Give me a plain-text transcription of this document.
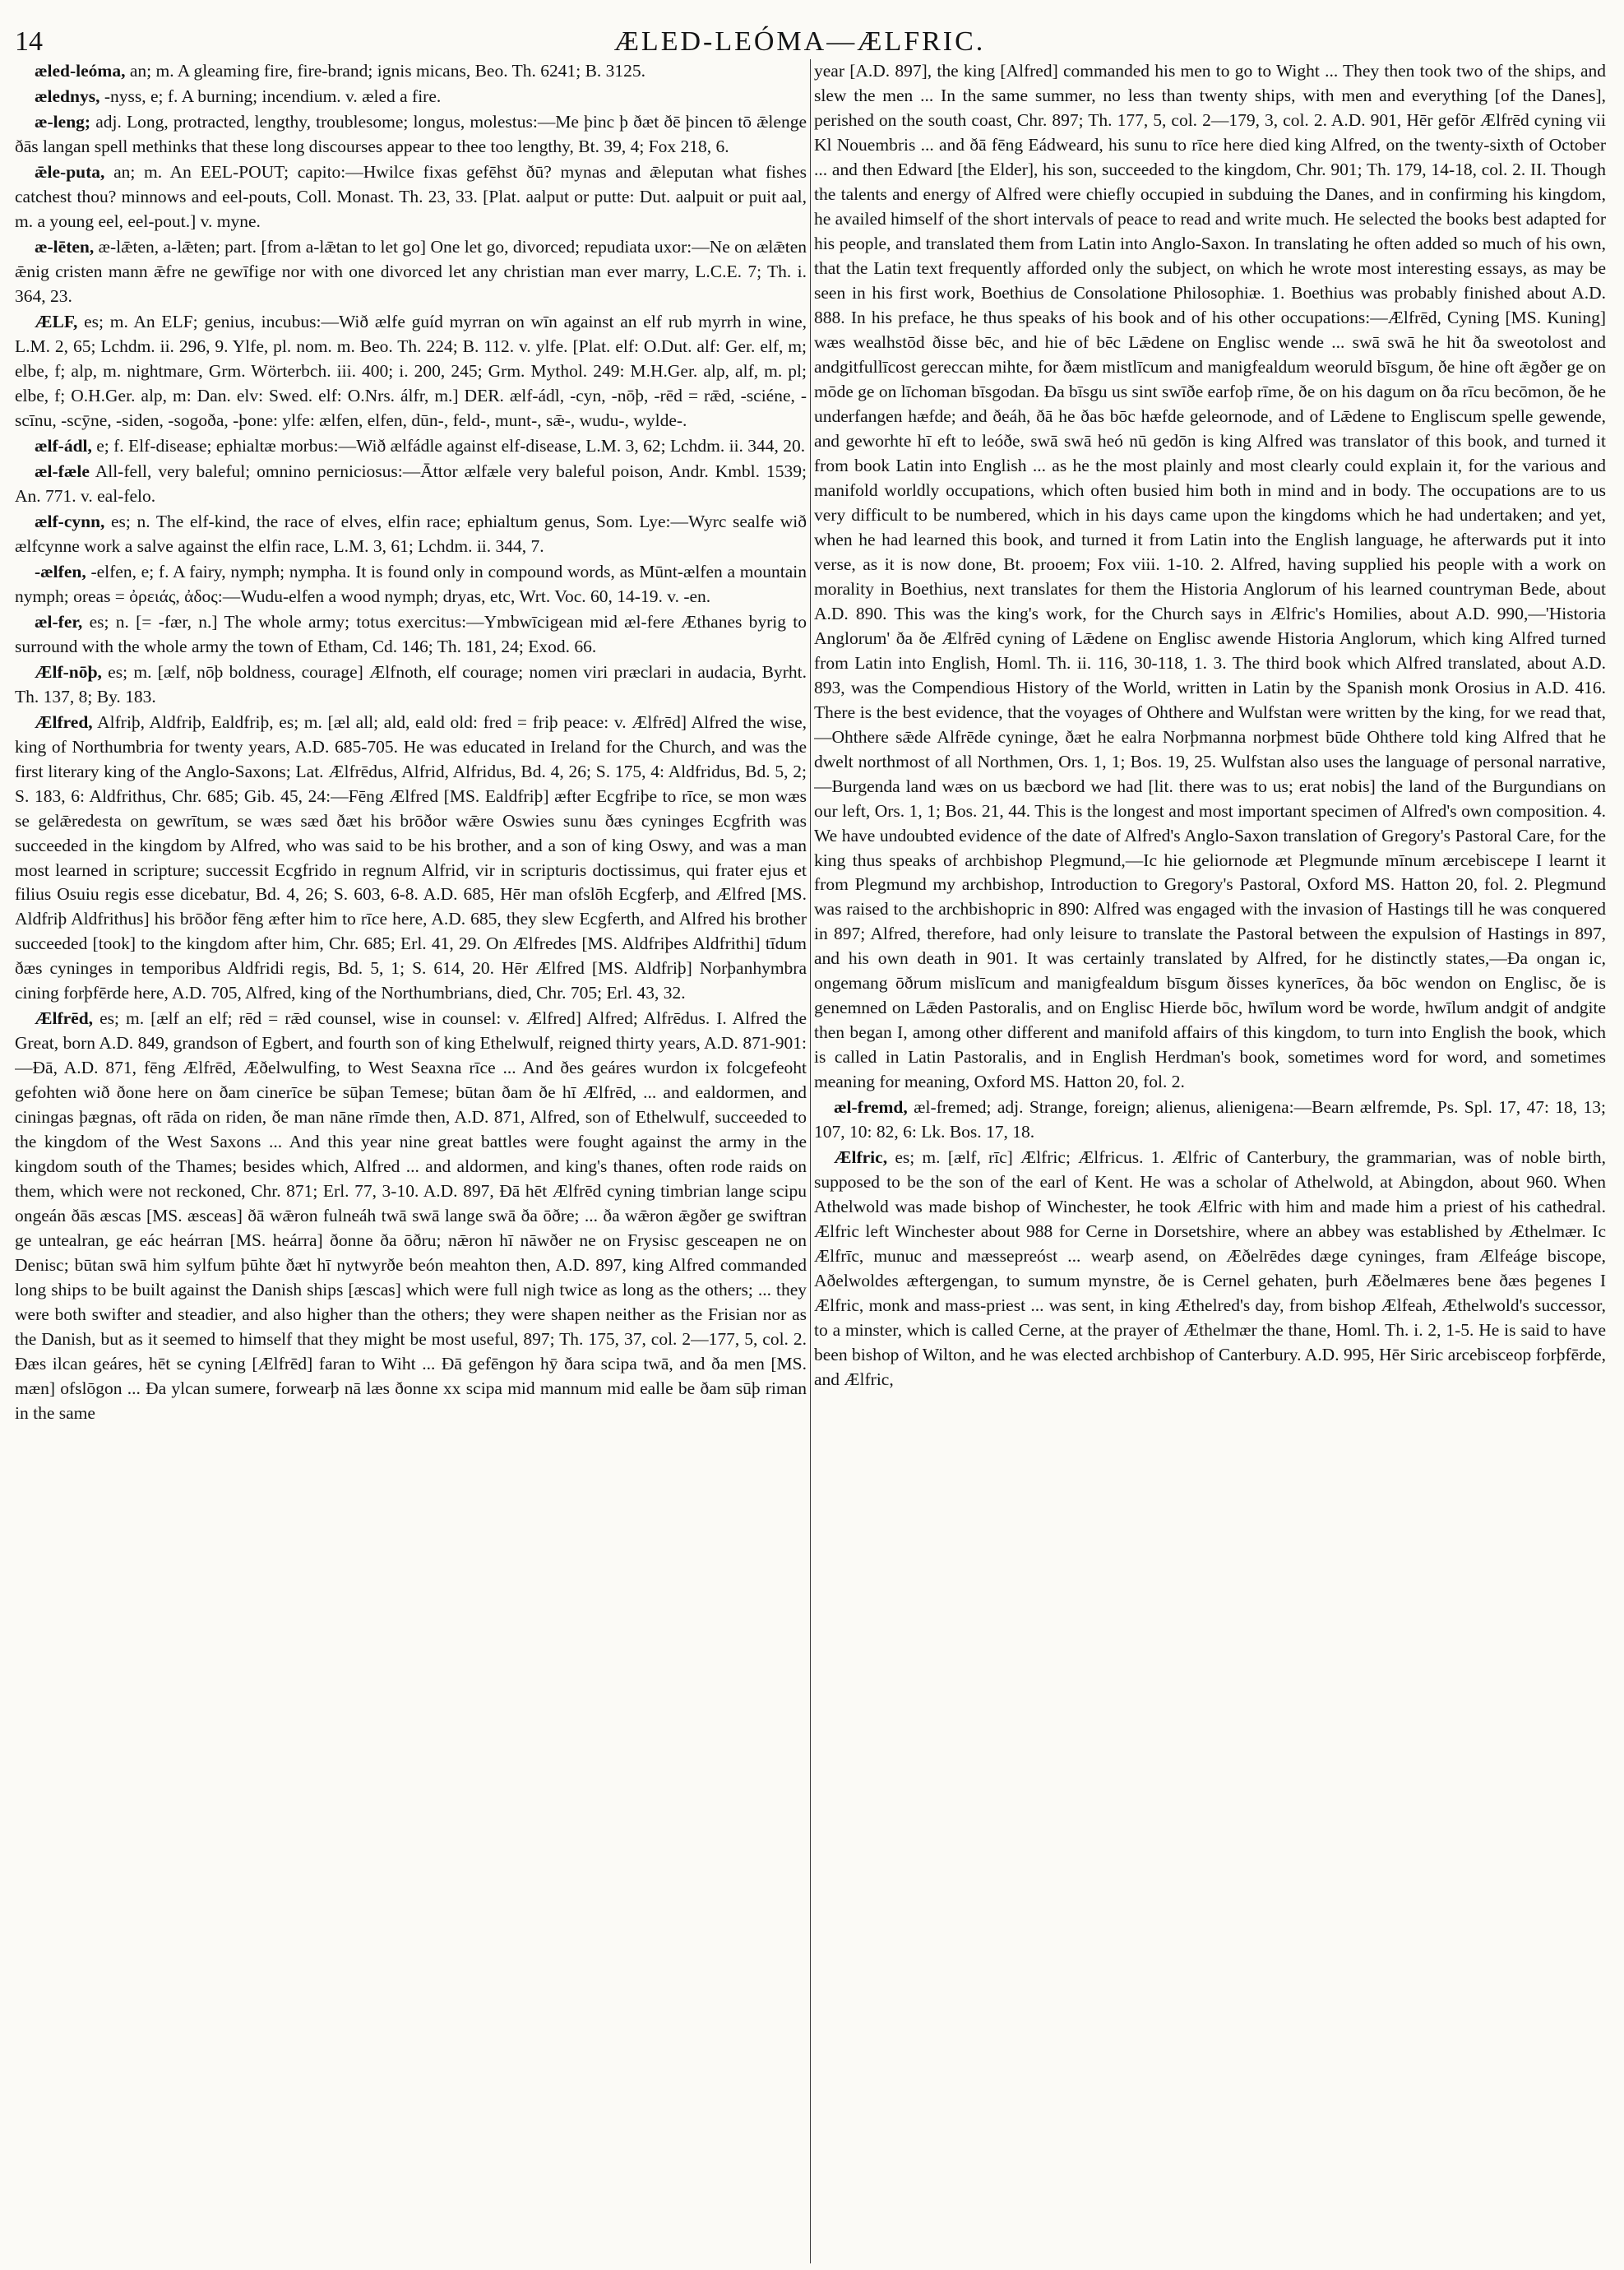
14	ÆLED-LEÓMA—ÆLFRIC.

æled-leóma, an; m. A gleaming fire, fire-brand; ignis micans, Beo. Th. 6241; B. 3125.

ælednys, -nyss, e; f. A burning; incendium. v. æled a fire.

æ-leng; adj. Long, protracted, lengthy, troublesome; longus, molestus:—Me þinc þ ðæt ðē þincen tō ǣlenge ðās langan spell methinks that these long discourses appear to thee too lengthy, Bt. 39, 4; Fox 218, 6.

ǣle-puta, an; m. An EEL-POUT; capito:—Hwilce fixas gefēhst ðū? mynas and ǣleputan what fishes catchest thou? minnows and eel-pouts, Coll. Monast. Th. 23, 33. [Plat. aalput or putte: Dut. aalpuit or puit aal, m. a young eel, eel-pout.] v. myne.

æ-lēten, æ-lǣten, a-lǣten; part. [from a-lǣtan to let go] One let go, divorced; repudiata uxor:—Ne on ælǣten ǣnig cristen mann ǣfre ne gewīfige nor with one divorced let any christian man ever marry, L.C.E. 7; Th. i. 364, 23.

ÆLF, es; m. An ELF; genius, incubus:—Wið ælfe guíd myrran on wīn against an elf rub myrrh in wine, L.M. 2, 65; Lchdm. ii. 296, 9. Ylfe, pl. nom. m. Beo. Th. 224; B. 112. v. ylfe. [Plat. elf: O.Dut. alf: Ger. elf, m; elbe, f; alp, m. nightmare, Grm. Wörterbch. iii. 400; i. 200, 245; Grm. Mythol. 249: M.H.Ger. alp, alf, m. pl; elbe, f; O.H.Ger. alp, m: Dan. elv: Swed. elf: O.Nrs. álfr, m.] DER. ælf-ádl, -cyn, -nōþ, -rēd = rǣd, -sciéne, -scīnu, -scȳne, -siden, -sogoða, -þone: ylfe: ælfen, elfen, dūn-, feld-, munt-, sǣ-, wudu-, wylde-.

ælf-ádl, e; f. Elf-disease; ephialtæ morbus:—Wið ælfádle against elf-disease, L.M. 3, 62; Lchdm. ii. 344, 20.

æl-fæle All-fell, very baleful; omnino perniciosus:—Āttor ælfæle very baleful poison, Andr. Kmbl. 1539; An. 771. v. eal-felo.

ælf-cynn, es; n. The elf-kind, the race of elves, elfin race; ephialtum genus, Som. Lye:—Wyrc sealfe wið ælfcynne work a salve against the elfin race, L.M. 3, 61; Lchdm. ii. 344, 7.

-ælfen, -elfen, e; f. A fairy, nymph; nympha. It is found only in compound words, as Mūnt-ælfen a mountain nymph; oreas = ὀρειάς, ἀδος:—Wudu-elfen a wood nymph; dryas, etc, Wrt. Voc. 60, 14-19. v. -en.

æl-fer, es; n. [= -fær, n.] The whole army; totus exercitus:—Ymbwīcigean mid æl-fere Æthanes byrig to surround with the whole army the town of Etham, Cd. 146; Th. 181, 24; Exod. 66.

Ælf-nōþ, es; m. [ælf, nōþ boldness, courage] Ælfnoth, elf courage; nomen viri præclari in audacia, Byrht. Th. 137, 8; By. 183.

Ælfred, Alfriþ, Aldfriþ, Ealdfriþ, es; m. [æl all; ald, eald old: fred = friþ peace: v. Ælfrēd] Alfred the wise, king of Northumbria for twenty years, A.D. 685-705. He was educated in Ireland for the Church, and was the first literary king of the Anglo-Saxons; Lat. Ælfrēdus, Alfrid, Alfridus, Bd. 4, 26; S. 175, 4: Aldfridus, Bd. 5, 2; S. 183, 6: Aldfrithus, Chr. 685; Gib. 45, 24:—Fēng Ælfred [MS. Ealdfriþ] æfter Ecgfriþe to rīce, se mon wæs se gelǣredesta on gewrītum, se wæs sæd ðæt his brōðor wǣre Oswies sunu ðæs cyninges Ecgfrith was succeeded in the kingdom by Alfred, who was said to be his brother, and a son of king Oswy, and was a man most learned in scripture; successit Ecgfrido in regnum Alfrid, vir in scripturis doctissimus, qui frater ejus et filius Osuiu regis esse dicebatur, Bd. 4, 26; S. 603, 6-8. A.D. 685, Hēr man ofslōh Ecgferþ, and Ælfred [MS. Aldfriþ Aldfrithus] his brōðor fēng æfter him to rīce here, A.D. 685, they slew Ecgferth, and Alfred his brother succeeded [took] to the kingdom after him, Chr. 685; Erl. 41, 29. On Ælfredes [MS. Aldfriþes Aldfrithi] tīdum ðæs cyninges in temporibus Aldfridi regis, Bd. 5, 1; S. 614, 20. Hēr Ælfred [MS. Aldfriþ] Norþanhymbra cining forþfērde here, A.D. 705, Alfred, king of the Northumbrians, died, Chr. 705; Erl. 43, 32.

Ælfrēd, es; m. [ælf an elf; rēd = rǣd counsel, wise in counsel: v. Ælfred] Alfred; Alfrēdus. I. Alfred the Great, born A.D. 849, grandson of Egbert, and fourth son of king Ethelwulf, reigned thirty years, A.D. 871-901:—Ðā, A.D. 871, fēng Ælfrēd, Æðelwulfing, to West Seaxna rīce ... And ðes geáres wurdon ix folcgefeoht gefohten wið ðone here on ðam cinerīce be sūþan Temese; būtan ðam ðe hī Ælfrēd, ... and ealdormen, and ciningas þægnas, oft rāda on riden, ðe man nāne rīmde then, A.D. 871, Alfred, son of Ethelwulf, succeeded to the kingdom of the West Saxons ... And this year nine great battles were fought against the army in the kingdom south of the Thames; besides which, Alfred ... and aldormen, and king's thanes, often rode raids on them, which were not reckoned, Chr. 871; Erl. 77, 3-10. A.D. 897, Ðā hēt Ælfrēd cyning timbrian lange scipu ongeán ðās æscas [MS. æsceas] ðā wǣron fulneáh twā swā lange swā ða ōðre; ... ða wǣron ǣgðer ge swiftran ge untealran, ge eác heárran [MS. heárra] ðonne ða ōðru; nǣron hī nāwðer ne on Frysisc gesceapen ne on Denisc; būtan swā him sylfum þūhte ðæt hī nytwyrðe beón meahton then, A.D. 897, king Alfred commanded long ships to be built against the Danish ships [æscas] which were full nigh twice as long as the others; ... they were both swifter and steadier, and also higher than the others; they were shapen neither as the Frisian nor as the Danish, but as it seemed to himself that they might be most useful, 897; Th. 175, 37, col. 2—177, 5, col. 2. Ðæs ilcan geáres, hēt se cyning [Ælfrēd] faran to Wiht ... Ðā gefēngon hȳ ðara scipa twā, and ða men [MS. mæn] ofslōgon ... Ða ylcan sumere, forwearþ nā læs ðonne xx scipa mid mannum mid ealle be ðam sūþ riman in the same

year [A.D. 897], the king [Alfred] commanded his men to go to Wight ... They then took two of the ships, and slew the men ... In the same summer, no less than twenty ships, with men and everything [of the Danes], perished on the south coast, Chr. 897; Th. 177, 5, col. 2—179, 3, col. 2. A.D. 901, Hēr gefōr Ælfrēd cyning vii Kl Nouembris ... and ðā fēng Eádweard, his sunu to rīce here died king Alfred, on the twenty-sixth of October ... and then Edward [the Elder], his son, succeeded to the kingdom, Chr. 901; Th. 179, 14-18, col. 2. II. Though the talents and energy of Alfred were chiefly occupied in subduing the Danes, and in confirming his kingdom, he availed himself of the short intervals of peace to read and write much. He selected the books best adapted for his people, and translated them from Latin into Anglo-Saxon. In translating he often added so much of his own, that the Latin text frequently afforded only the subject, on which he wrote most interesting essays, as may be seen in his first work, Boethius de Consolatione Philosophiæ. 1. Boethius was probably finished about A.D. 888. In his preface, he thus speaks of his book and of his other occupations:—Ælfrēd, Cyning [MS. Kuning] wæs wealhstōd ðisse bēc, and hie of bēc Lǣdene on Englisc wende ... swā swā he hit ða sweotolost and andgitfullīcost gereccan mihte, for ðæm mistlīcum and manigfealdum weoruld bīsgum, ðe hine oft ǣgðer ge on mōde ge on līchoman bīsgodan. Ða bīsgu us sint swīðe earfoþ rīme, ðe on his dagum on ða rīcu becōmon, ðe he underfangen hæfde; and ðeáh, ðā he ðas bōc hæfde geleornode, and of Lǣdene to Engliscum spelle gewende, and geworhte hī eft to leóðe, swā swā heó nū gedōn is king Alfred was translator of this book, and turned it from book Latin into English ... as he the most plainly and most clearly could explain it, for the various and manifold worldly occupations, which often busied him both in mind and in body. The occupations are to us very difficult to be numbered, which in his days came upon the kingdoms which he had undertaken; and yet, when he had learned this book, and turned it from Latin into the English language, he afterwards put it into verse, as it is now done, Bt. prooem; Fox viii. 1-10. 2. Alfred, having supplied his people with a work on morality in Boethius, next translates for them the Historia Anglorum of his learned countryman Bede, about A.D. 890. This was the king's work, for the Church says in Ælfric's Homilies, about A.D. 990,—'Historia Anglorum' ða ðe Ælfrēd cyning of Lǣdene on Englisc awende Historia Anglorum, which king Alfred turned from Latin into English, Homl. Th. ii. 116, 30-118, 1. 3. The third book which Alfred translated, about A.D. 893, was the Compendious History of the World, written in Latin by the Spanish monk Orosius in A.D. 416. There is the best evidence, that the voyages of Ohthere and Wulfstan were written by the king, for we read that,—Ohthere sǣde Alfrēde cyninge, ðæt he ealra Norþmanna norþmest būde Ohthere told king Alfred that he dwelt northmost of all Northmen, Ors. 1, 1; Bos. 19, 25. Wulfstan also uses the language of personal narrative,—Burgenda land wæs on us bæcbord we had [lit. there was to us; erat nobis] the land of the Burgundians on our left, Ors. 1, 1; Bos. 21, 44. This is the longest and most important specimen of Alfred's own composition. 4. We have undoubted evidence of the date of Alfred's Anglo-Saxon translation of Gregory's Pastoral Care, for the king thus speaks of archbishop Plegmund,—Ic hie geliornode æt Plegmunde mīnum ærcebiscepe I learnt it from Plegmund my archbishop, Introduction to Gregory's Pastoral, Oxford MS. Hatton 20, fol. 2. Plegmund was raised to the archbishopric in 890: Alfred was engaged with the invasion of Hastings till he was conquered in 897; Alfred, therefore, had only leisure to translate the Pastoral between the expulsion of Hastings in 897, and his own death in 901. It was certainly translated by Alfred, for he distinctly states,—Ða ongan ic, ongemang ōðrum mislīcum and manigfealdum bīsgum ðisses kynerīces, ða bōc wendon on Englisc, ðe is genemned on Lǣden Pastoralis, and on Englisc Hierde bōc, hwīlum word be worde, hwīlum andgit of andgite then began I, among other different and manifold affairs of this kingdom, to turn into English the book, which is called in Latin Pastoralis, and in English Herdman's book, sometimes word for word, and sometimes meaning for meaning, Oxford MS. Hatton 20, fol. 2.

æl-fremd, æl-fremed; adj. Strange, foreign; alienus, alienigena:—Bearn ælfremde, Ps. Spl. 17, 47: 18, 13; 107, 10: 82, 6: Lk. Bos. 17, 18.

Ælfric, es; m. [ælf, rīc] Ælfric; Ælfricus. 1. Ælfric of Canterbury, the grammarian, was of noble birth, supposed to be the son of the earl of Kent. He was a scholar of Athelwold, at Abingdon, about 960. When Athelwold was made bishop of Winchester, he took Ælfric with him and made him a priest of his cathedral. Ælfric left Winchester about 988 for Cerne in Dorsetshire, where an abbey was established by Æthelmær. Ic Ælfrīc, munuc and mæssepreóst ... wearþ asend, on Æðelrēdes dæge cyninges, fram Ælfeáge biscope, Aðelwoldes æftergengan, to sumum mynstre, ðe is Cernel gehaten, þurh Æðelmæres bene ðæs þegenes I Ælfric, monk and mass-priest ... was sent, in king Æthelred's day, from bishop Ælfeah, Æthelwold's successor, to a minster, which is called Cerne, at the prayer of Æthelmær the thane, Homl. Th. i. 2, 1-5. He is said to have been bishop of Wilton, and he was elected archbishop of Canterbury. A.D. 995, Hēr Siric arcebisceop forþfērde, and Ælfric,
